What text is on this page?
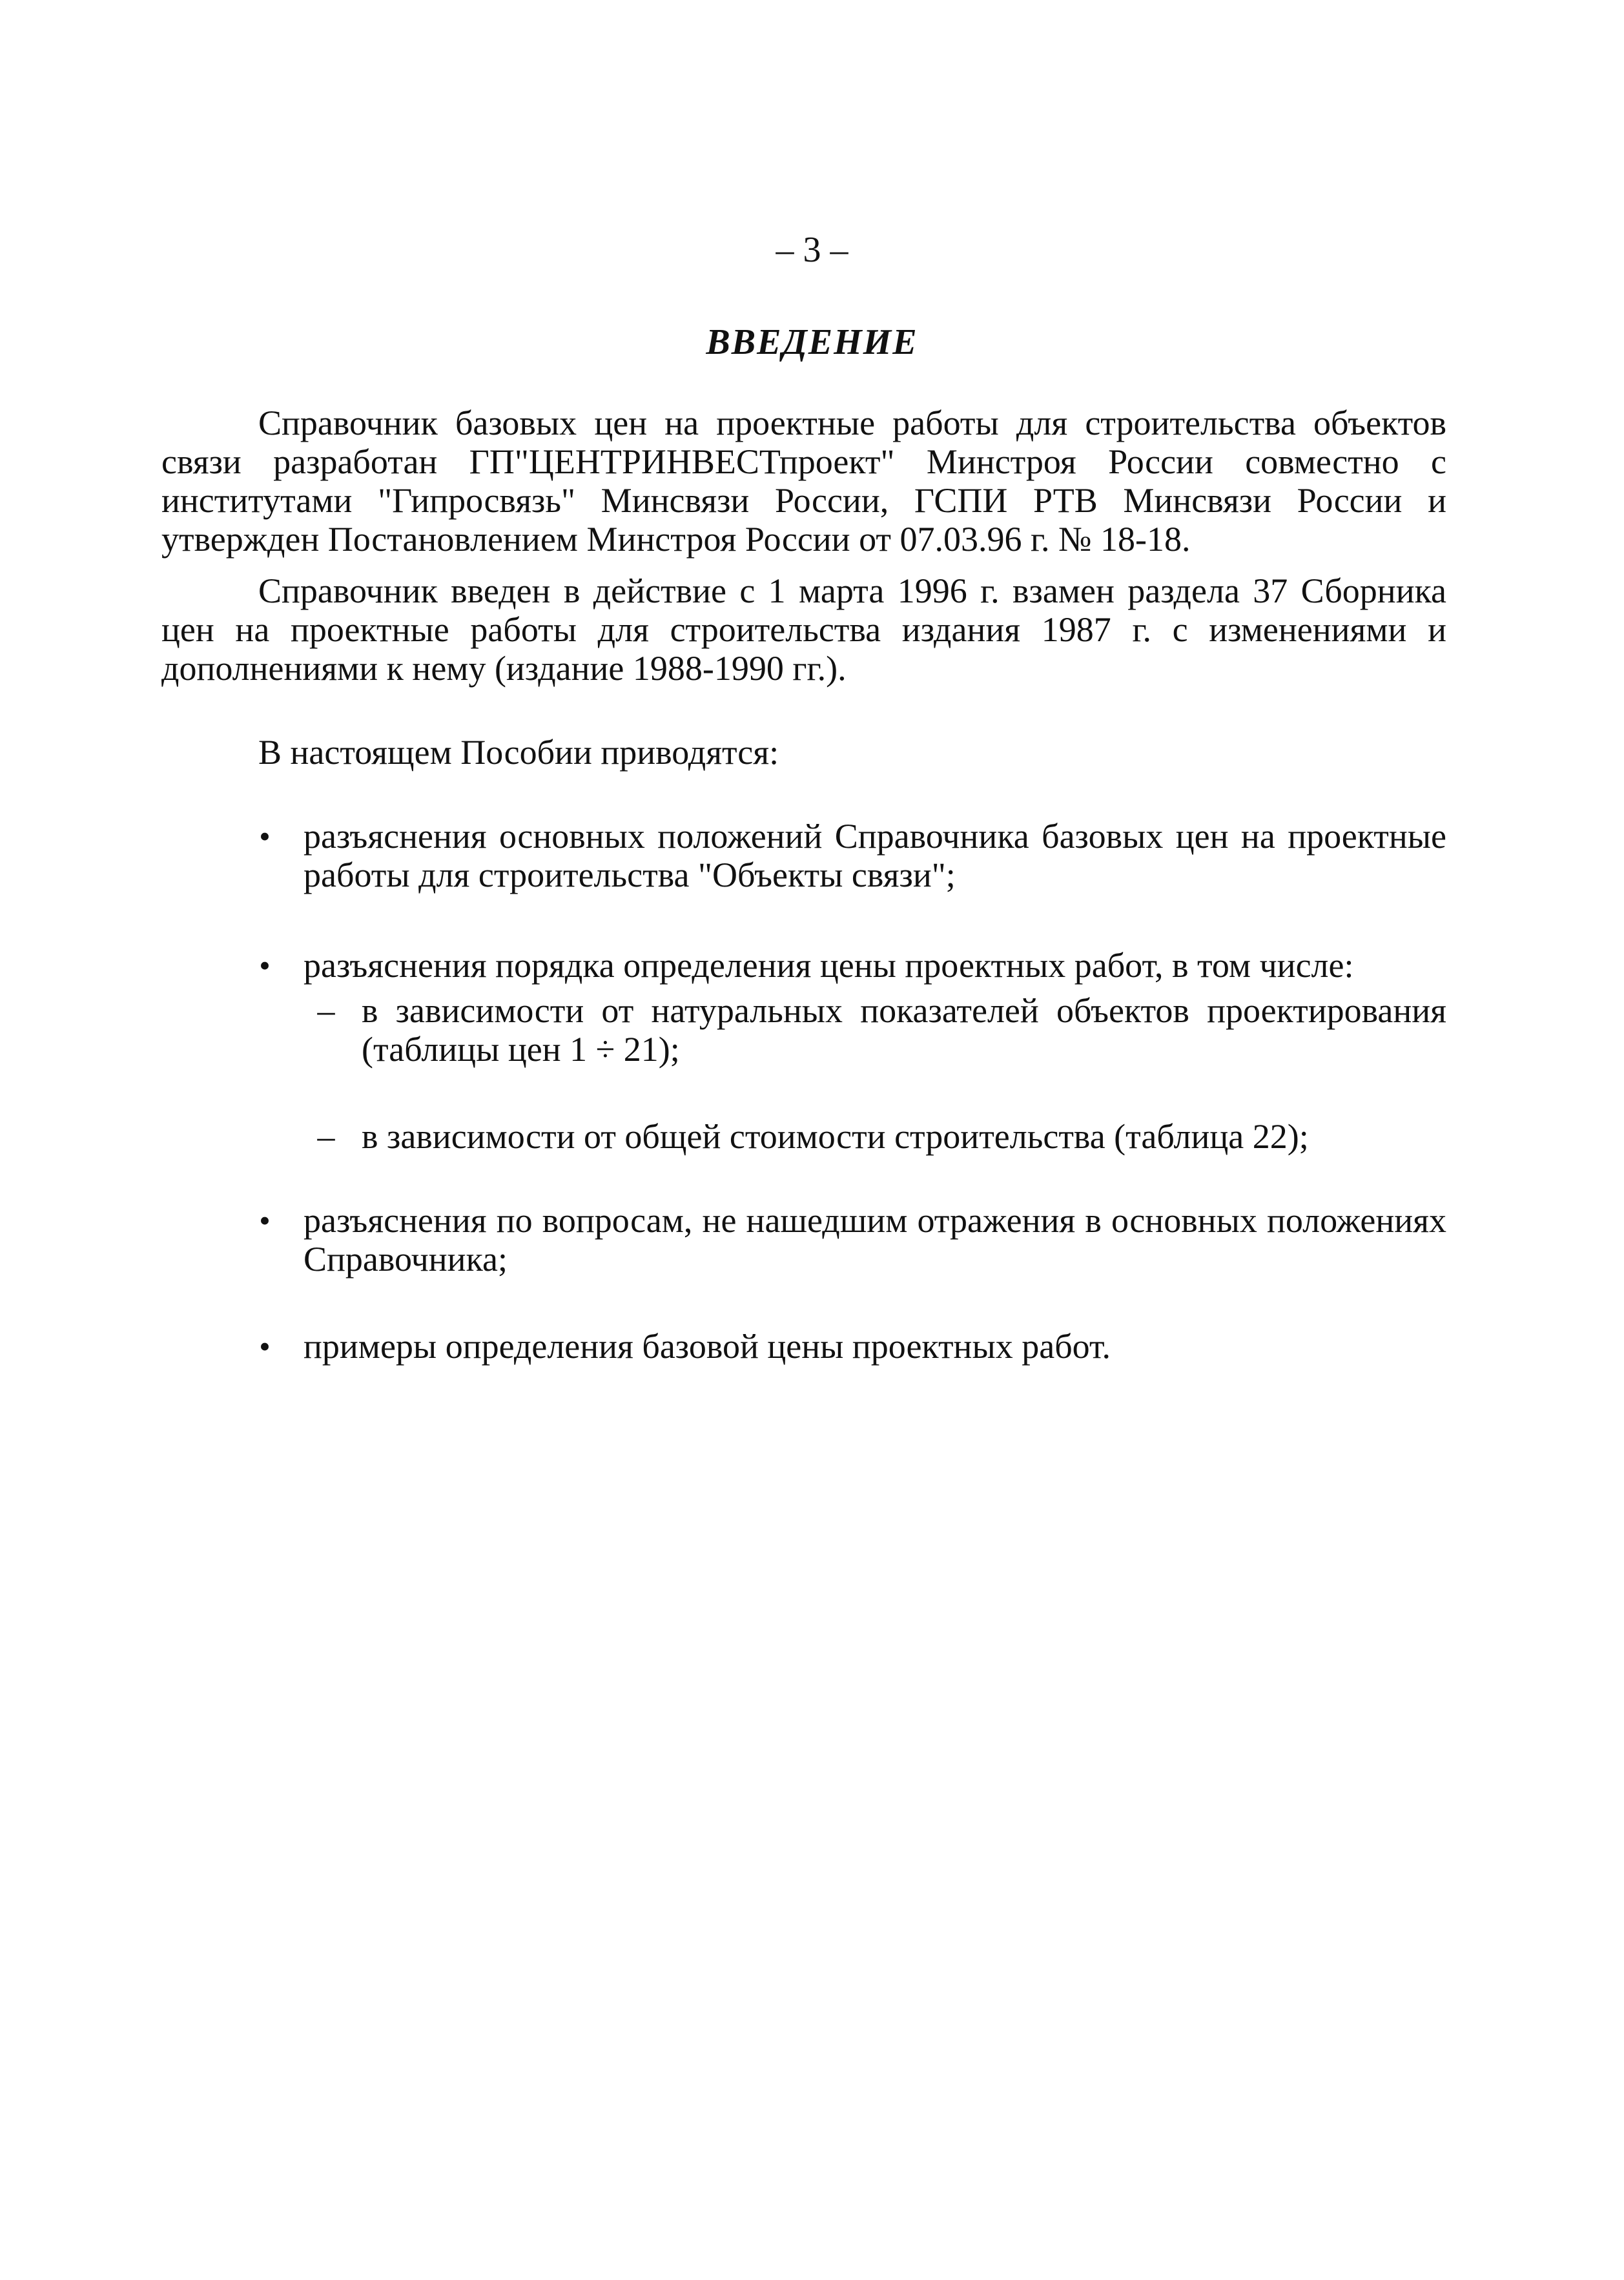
– 3 –
ВВЕДЕНИЕ

Справочник базовых цен на проектные работы для строительства объектов связи разработан ГП"ЦЕНТРИНВЕСТпроект" Минстроя России совместно с институтами "Гипросвязь" Минсвязи России, ГСПИ РТВ Минсвязи России и утвержден Постановлением Минстроя России от 07.03.96 г. № 18-18.

Справочник введен в действие с 1 марта 1996 г. взамен раздела 37 Сборника цен на проектные работы для строительства издания 1987 г. с изменениями и дополнениями к нему (издание 1988-1990 гг.).

В настоящем Пособии приводятся:

• разъяснения основных положений Справочника базовых цен на проектные работы для строительства "Объекты связи";
• разъяснения порядка определения цены проектных работ, в том числе:
– в зависимости от натуральных показателей объектов проектирования (таблицы цен 1 ÷ 21);
– в зависимости от общей стоимости строительства (таблица 22);
• разъяснения по вопросам, не нашедшим отражения в основных положениях Справочника;
• примеры определения базовой цены проектных работ.
